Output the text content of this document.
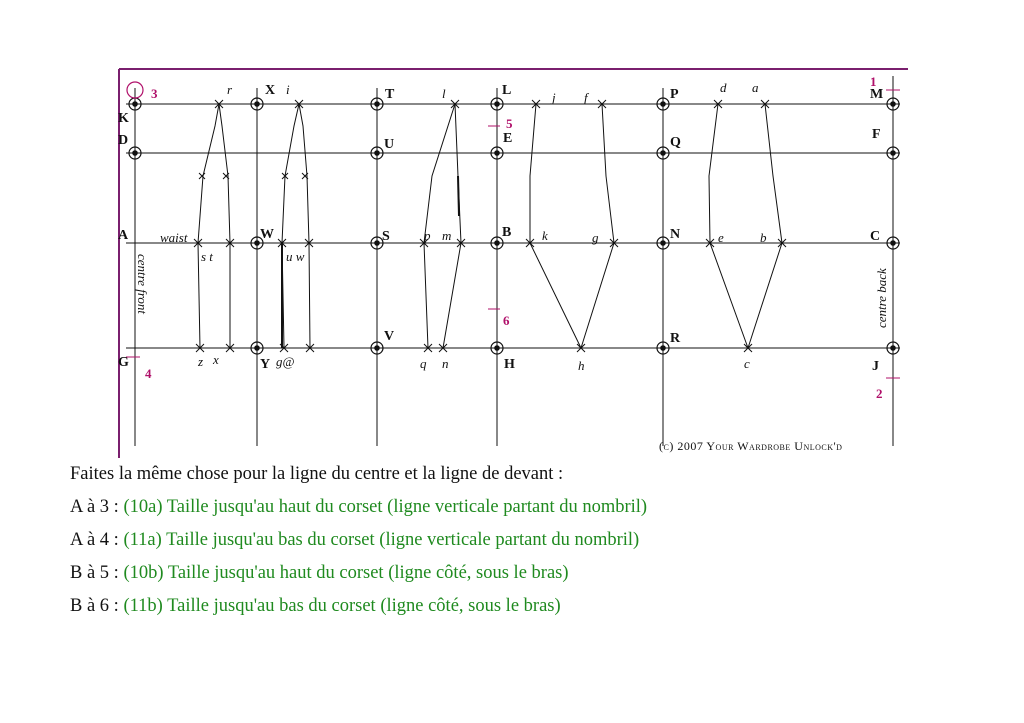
K
X	T	L	P	M
D	U	E	Q
F
A	W	S	B	N	C
G	Y
V
H
R
J
1
2
3
4
5
6
r	i	l	j f
d a
p m	k	g	e	b
s t	u w
z x	q n	h	c
g@
waist
centre front	centre back
(c) 2007 Your Wardrobe Unlock'd
Faites la même chose pour la ligne du centre et la ligne de devant :
A à 3 : (10a) Taille jusqu'au haut du corset (ligne verticale partant du nombril)
A à 4 : (11a) Taille jusqu'au bas du corset (ligne verticale partant du nombril)
B à 5 : (10b) Taille jusqu'au haut du corset (ligne côté, sous le bras)
B à 6 : (11b) Taille jusqu'au bas du corset (ligne côté, sous le bras)
